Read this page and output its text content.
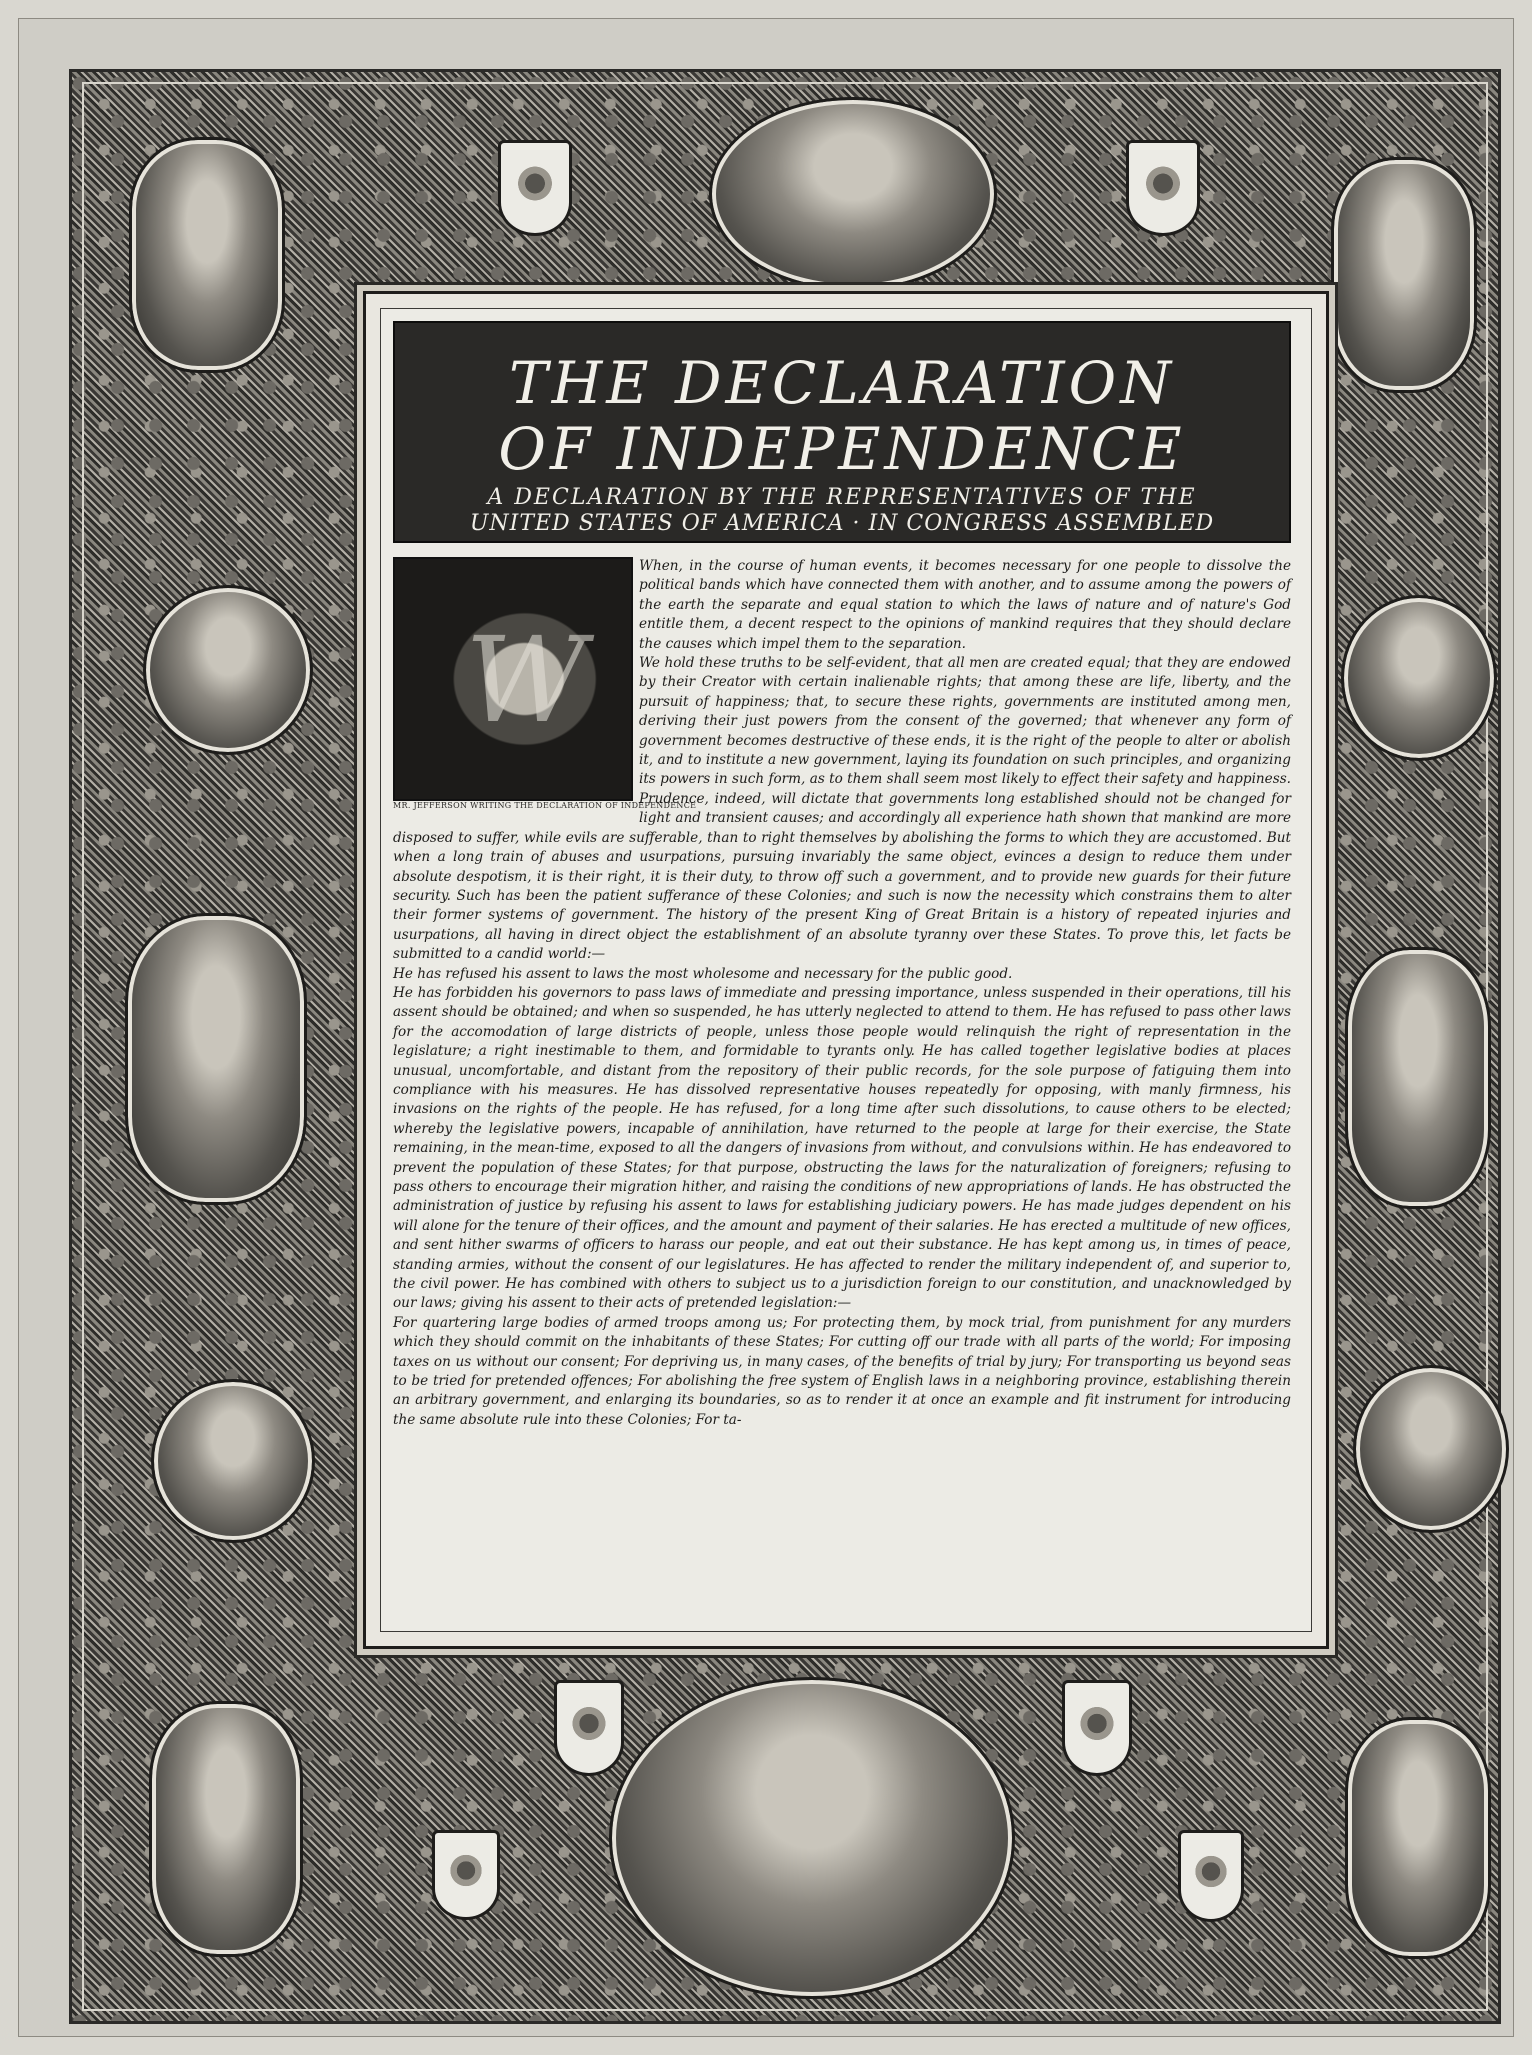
THE DECLARATION
OF INDEPENDENCE
A DECLARATION BY THE REPRESENTATIVES OF THE
UNITED STATES OF AMERICA · IN CONGRESS ASSEMBLED
W
MR. JEFFERSON WRITING THE DECLARATION OF INDEPENDENCE

When, in the course of human events, it becomes necessary for one people to dissolve the political bands which have connected them with another, and to assume among the powers of the earth the separate and equal station to which the laws of nature and of nature's God entitle them, a decent respect to the opinions of mankind requires that they should declare the causes which impel them to the separation.

We hold these truths to be self-evident, that all men are created equal; that they are endowed by their Creator with certain inalienable rights; that among these are life, liberty, and the pursuit of happiness; that, to secure these rights, governments are instituted among men, deriving their just powers from the consent of the governed; that whenever any form of government becomes destructive of these ends, it is the right of the people to alter or abolish it, and to institute a new government, laying its foundation on such principles, and organizing its powers in such form, as to them shall seem most likely to effect their safety and happiness. Prudence, indeed, will dictate that governments long established should not be changed for light and transient causes; and accordingly all experience hath shown that mankind are more disposed to suffer, while evils are sufferable, than to right themselves by abolishing the forms to which they are accustomed. But when a long train of abuses and usurpations, pursuing invariably the same object, evinces a design to reduce them under absolute despotism, it is their right, it is their duty, to throw off such a government, and to provide new guards for their future security. Such has been the patient sufferance of these Colonies; and such is now the necessity which constrains them to alter their former systems of government. The history of the present King of Great Britain is a history of repeated injuries and usurpations, all having in direct object the establishment of an absolute tyranny over these States. To prove this, let facts be submitted to a candid world:—

He has refused his assent to laws the most wholesome and necessary for the public good.

He has forbidden his governors to pass laws of immediate and pressing importance, unless suspended in their operations, till his assent should be obtained; and when so suspended, he has utterly neglected to attend to them. He has refused to pass other laws for the accomodation of large districts of people, unless those people would relinquish the right of representation in the legislature; a right inestimable to them, and formidable to tyrants only. He has called together legislative bodies at places unusual, uncomfortable, and distant from the repository of their public records, for the sole purpose of fatiguing them into compliance with his measures. He has dissolved representative houses repeatedly for opposing, with manly firmness, his invasions on the rights of the people. He has refused, for a long time after such dissolutions, to cause others to be elected; whereby the legislative powers, incapable of annihilation, have returned to the people at large for their exercise, the State remaining, in the mean-time, exposed to all the dangers of invasions from without, and convulsions within. He has endeavored to prevent the population of these States; for that purpose, obstructing the laws for the naturalization of foreigners; refusing to pass others to encourage their migration hither, and raising the conditions of new appropriations of lands. He has obstructed the administration of justice by refusing his assent to laws for establishing judiciary powers. He has made judges dependent on his will alone for the tenure of their offices, and the amount and payment of their salaries. He has erected a multitude of new offices, and sent hither swarms of officers to harass our people, and eat out their substance. He has kept among us, in times of peace, standing armies, without the consent of our legislatures. He has affected to render the military independent of, and superior to, the civil power. He has combined with others to subject us to a jurisdiction foreign to our constitution, and unacknowledged by our laws; giving his assent to their acts of pretended legislation:—

For quartering large bodies of armed troops among us; For protecting them, by mock trial, from punishment for any murders which they should commit on the inhabitants of these States; For cutting off our trade with all parts of the world; For imposing taxes on us without our consent; For depriving us, in many cases, of the benefits of trial by jury; For transporting us beyond seas to be tried for pretended offences; For abolishing the free system of English laws in a neighboring province, establishing therein an arbitrary government, and enlarging its boundaries, so as to render it at once an example and fit instrument for introducing the same absolute rule into these Colonies; For ta-
